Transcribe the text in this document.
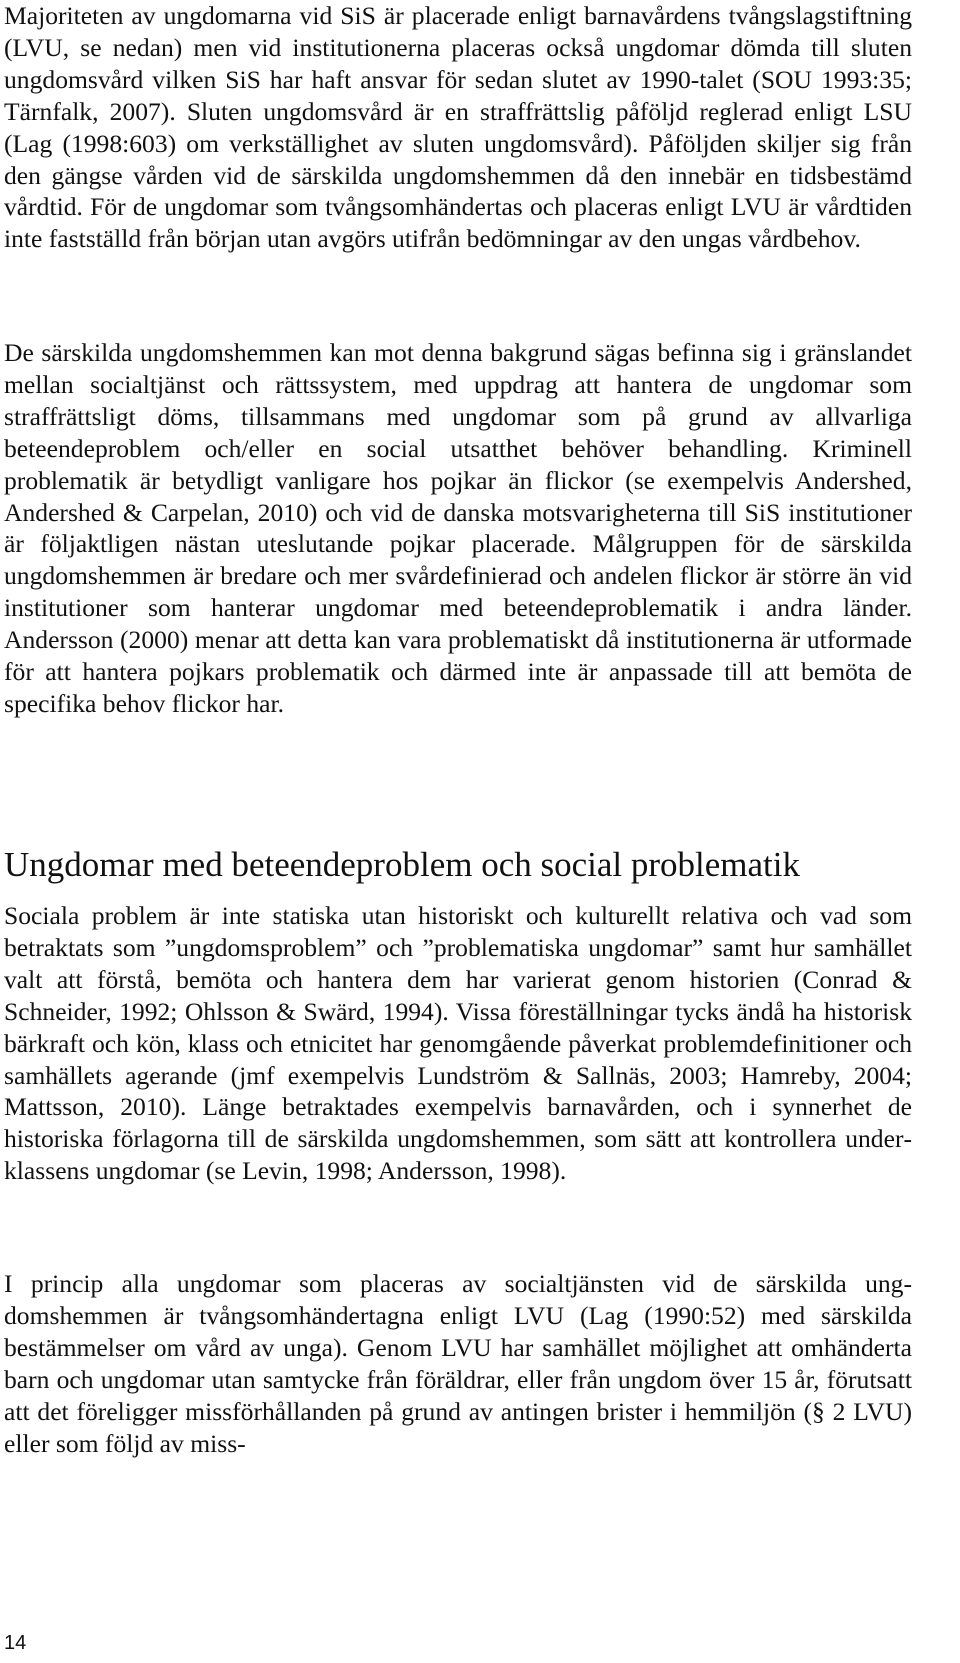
Majoriteten av ungdomarna vid SiS är placerade enligt barnavårdens tvångslagstiftning (LVU, se nedan) men vid institutionerna placeras också ungdomar dömda till sluten ungdomsvård vilken SiS har haft ansvar för sedan slutet av 1990-talet (SOU 1993:35; Tärnfalk, 2007). Sluten ungdomsvård är en straffrättslig påföljd reglerad enligt LSU (Lag (1998:603) om verkställighet av sluten ungdomsvård). Påföljden skiljer sig från den gängse vården vid de särskilda ungdomshemmen då den innebär en tidsbestämd vårdtid. För de ungdomar som tvångsomhändertas och placeras enligt LVU är vårdtiden inte fastställd från början utan avgörs utifrån bedömningar av den ungas vårdbehov.

De särskilda ungdomshemmen kan mot denna bakgrund sägas befinna sig i gränslandet mellan socialtjänst och rättssystem, med uppdrag att hantera de ungdomar som straffrättsligt döms, tillsammans med ungdomar som på grund av allvarliga beteendeproblem och/eller en social utsatthet behöver behandling. Kriminell problematik är betydligt vanligare hos pojkar än flickor (se exempelvis Andershed, Andershed & Carpelan, 2010) och vid de danska motsvarigheterna till SiS institutioner är följaktligen nästan uteslutande pojkar placerade. Målgruppen för de särskilda ungdomshemmen är bredare och mer svårdefinierad och andelen flickor är större än vid institutioner som hanterar ungdomar med beteendeproblematik i andra länder. Andersson (2000) menar att detta kan vara problematiskt då institutionerna är utformade för att hantera pojkars problematik och därmed inte är anpassade till att bemöta de specifika behov flickor har.

Ungdomar med beteendeproblem och social problematik

Sociala problem är inte statiska utan historiskt och kulturellt relativa och vad som betraktats som ”ungdomsproblem” och ”problematiska ungdomar” samt hur samhället valt att förstå, bemöta och hantera dem har varierat genom historien (Conrad & Schneider, 1992; Ohlsson & Swärd, 1994). Vissa föreställningar tycks ändå ha historisk bärkraft och kön, klass och etnicitet har genomgående påverkat problemdefinitioner och samhällets agerande (jmf exempelvis Lundström & Sallnäs, 2003; Hamreby, 2004; Mattsson, 2010). Länge betraktades exempelvis barnavården, och i synnerhet de historiska förlagorna till de särskilda ungdomshemmen, som sätt att kontrollera underklassens ungdomar (se Levin, 1998; Andersson, 1998).

I princip alla ungdomar som placeras av socialtjänsten vid de särskilda ungdomshemmen är tvångsomhändertagna enligt LVU (Lag (1990:52) med särskilda bestämmelser om vård av unga). Genom LVU har samhället möjlighet att omhänderta barn och ungdomar utan samtycke från föräldrar, eller från ungdom över 15 år, förutsatt att det föreligger missförhållanden på grund av antingen brister i hemmiljön (§ 2 LVU) eller som följd av miss-

14
